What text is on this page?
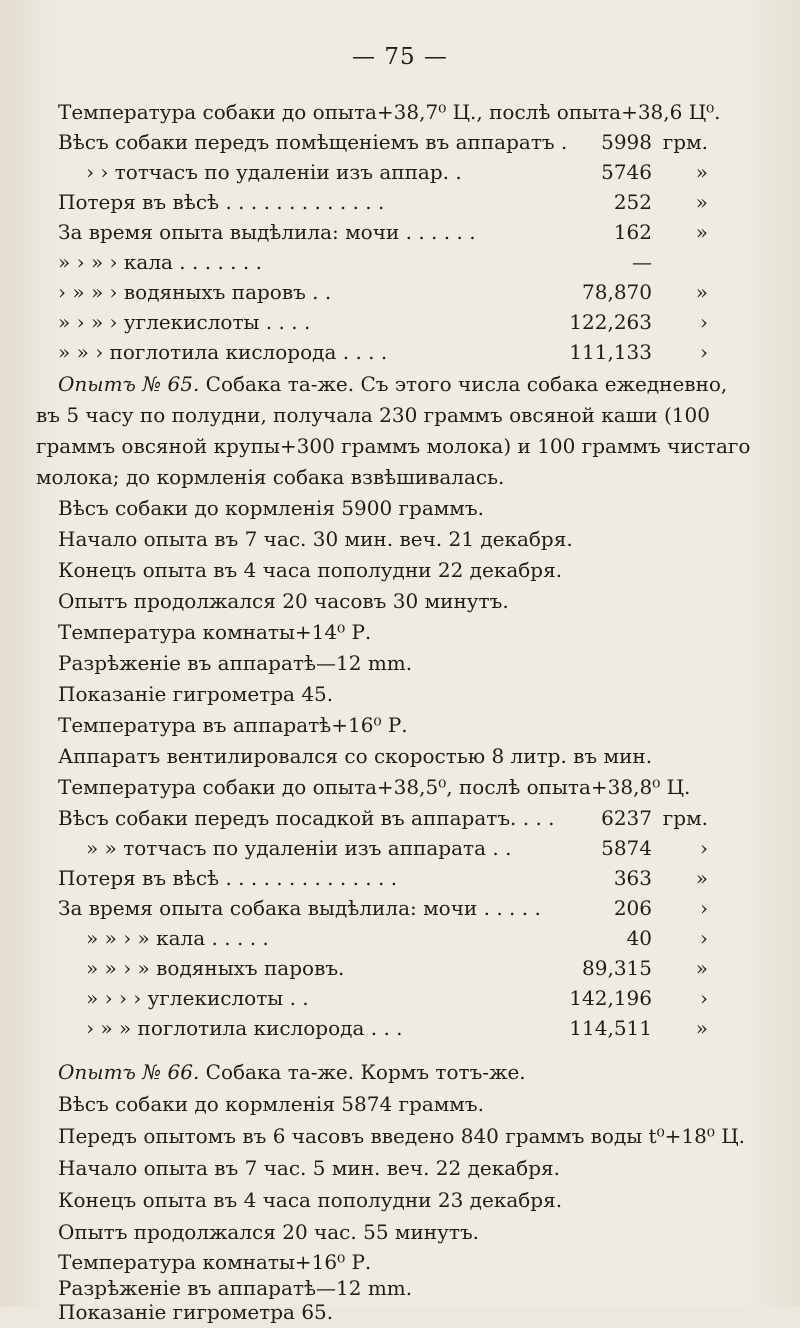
— 75 —
Температура собаки до опыта+38,7⁰ Ц., послѣ опыта+38,6 Ц⁰.
Вѣсъ собаки передъ помѣщеніемъ въ аппаратъ . 5998 грм.
› › тотчасъ по удаленіи изъ аппар. .	5746	»
Потеря въ вѣсѣ . . . . . . . . . . . . .	252	»
За время опыта выдѣлила: мочи . . . . . .	162	»
» › » › кала . . . . . . .	—
› » » › водяныхъ паровъ . .	78,870	»
» › » › углекислоты . . . .	122,263	›
» » › поглотила кислорода . . . .	111,133	›
Опытъ № 65. Собака та-же. Съ этого числа собака ежедневно,
въ 5 часу по полудни, получала 230 граммъ овсяной каши (100
граммъ овсяной крупы+300 граммъ молока) и 100 граммъ чистаго
молока; до кормленія собака взвѣшивалась.
Вѣсъ собаки до кормленія 5900 граммъ.
Начало опыта въ 7 час. 30 мин. веч. 21 декабря.
Конецъ опыта въ 4 часа пополудни 22 декабря.
Опытъ продолжался 20 часовъ 30 минутъ.
Температура комнаты+14⁰ Р.
Разрѣженіе въ аппаратѣ—12 mm.
Показаніе гигрометра 45.
Температура въ аппаратѣ+16⁰ Р.
Аппаратъ вентилировался со скоростью 8 литр. въ мин.
Температура собаки до опыта+38,5⁰, послѣ опыта+38,8⁰ Ц.
Вѣсъ собаки передъ посадкой въ аппаратъ. . . . 6237 грм.
» » тотчасъ по удаленіи изъ аппарата . .	5874	›
Потеря въ вѣсѣ . . . . . . . . . . . . . .	363	»
За время опыта собака выдѣлила: мочи . . . . .	206	›
» » › » кала . . . . .	40	›
» » › » водяныхъ паровъ.	89,315	»
» › › › углекислоты . .	142,196	›
› » » поглотила кислорода . . .	114,511	»
Опытъ № 66. Собака та-же. Кормъ тотъ-же.
Вѣсъ собаки до кормленія 5874 граммъ.
Передъ опытомъ въ 6 часовъ введено 840 граммъ воды t⁰+18⁰ Ц.
Начало опыта въ 7 час. 5 мин. веч. 22 декабря.
Конецъ опыта въ 4 часа пополудни 23 декабря.
Опытъ продолжался 20 час. 55 минутъ.
Температура комнаты+16⁰ Р.
Разрѣженіе въ аппаратѣ—12 mm.
Показаніе гигрометра 65.
